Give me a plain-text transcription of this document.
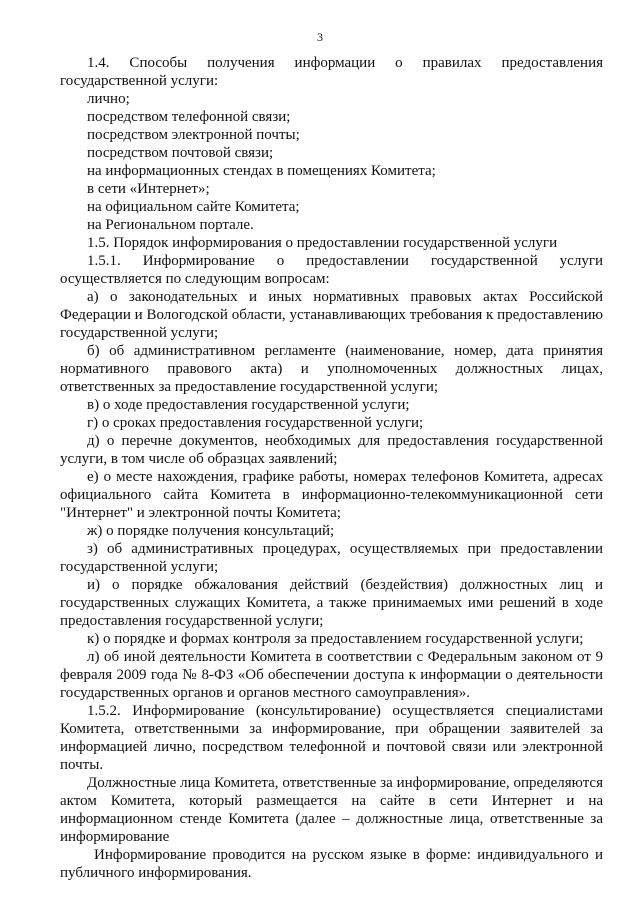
3

1.4. Способы получения информации о правилах предоставления государственной услуги:

лично;

посредством телефонной связи;

посредством электронной почты;

посредством почтовой связи;

на информационных стендах в помещениях Комитета;

в сети «Интернет»;

на официальном сайте Комитета;

на Региональном портале.

1.5. Порядок информирования о предоставлении государственной услуги

1.5.1. Информирование о предоставлении государственной услуги осуществляется по следующим вопросам:

а) о законодательных и иных нормативных правовых актах Российской Федерации и Вологодской области, устанавливающих требования к предоставлению государственной услуги;

б) об административном регламенте (наименование, номер, дата принятия нормативного правового акта) и уполномоченных должностных лицах, ответственных за предоставление государственной услуги;

в) о ходе предоставления государственной услуги;

г) о сроках предоставления государственной услуги;

д) о перечне документов, необходимых для предоставления государственной услуги, в том числе об образцах заявлений;

е) о месте нахождения, графике работы, номерах телефонов Комитета, адресах официального сайта Комитета в информационно-телекоммуникационной сети "Интернет" и электронной почты Комитета;

ж) о порядке получения консультаций;

з) об административных процедурах, осуществляемых при предоставлении государственной услуги;

и) о порядке обжалования действий (бездействия) должностных лиц и государственных служащих Комитета, а также принимаемых ими решений в ходе предоставления государственной услуги;

к) о порядке и формах контроля за предоставлением государственной услуги;

л) об иной деятельности Комитета в соответствии с Федеральным законом от 9 февраля 2009 года № 8-ФЗ «Об обеспечении доступа к информации о деятельности государственных органов и органов местного самоуправления».

1.5.2. Информирование (консультирование) осуществляется специалистами Комитета, ответственными за информирование, при обращении заявителей за информацией лично, посредством телефонной и почтовой связи или электронной почты.

Должностные лица Комитета, ответственные за информирование, определяются актом Комитета, который размещается на сайте в сети Интернет и на информационном стенде Комитета (далее – должностные лица, ответственные за информирование

Информирование проводится на русском языке в форме: индивидуального и публичного информирования.
